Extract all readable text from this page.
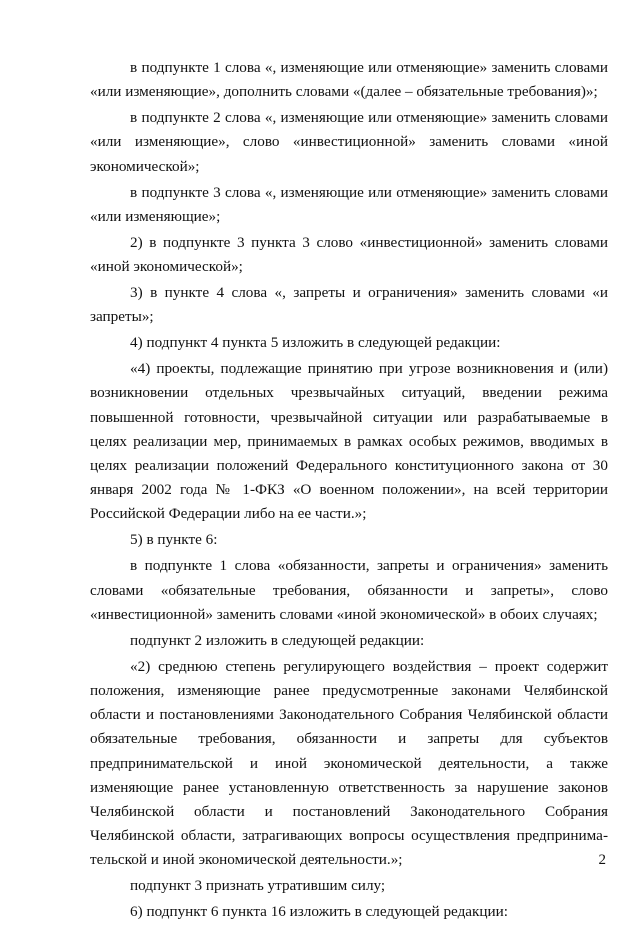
в подпункте 1 слова «, изменяющие или отменяющие» заменить словами «или изменяющие», дополнить словами «(далее – обязательные требования)»;

в подпункте 2 слова «, изменяющие или отменяющие» заменить словами «или изменяющие», слово «инвестиционной» заменить словами «иной экономической»;

в подпункте 3 слова «, изменяющие или отменяющие» заменить словами «или изменяющие»;

2) в подпункте 3 пункта 3 слово «инвестиционной» заменить словами «иной экономической»;

3) в пункте 4 слова «, запреты и ограничения» заменить словами «и запреты»;

4) подпункт 4 пункта 5 изложить в следующей редакции:

«4) проекты, подлежащие принятию при угрозе возникновения и (или) возникновении отдельных чрезвычайных ситуаций, введении режима повышенной готовности, чрезвычайной ситуации или разрабатываемые в целях реализации мер, принимаемых в рамках особых режимов, вводимых в целях реализации положений Федерального конституционного закона от 30 января 2002 года № 1-ФКЗ «О военном положении», на всей территории Российской Федерации либо на ее части.»;

5) в пункте 6:

в подпункте 1 слова «обязанности, запреты и ограничения» заменить словами «обязательные требования, обязанности и запреты», слово «инвестиционной» заменить словами «иной экономической» в обоих случаях;

подпункт 2 изложить в следующей редакции:

«2) среднюю степень регулирующего воздействия – проект содержит положения, изменяющие ранее предусмотренные законами Челябинской области и постановлениями Законодательного Собрания Челябинской области обязательные требования, обязанности и запреты для субъектов предпринимательской и иной экономической деятельности, а также изменяющие ранее установленную ответственность за нарушение законов Челябинской области и постановлений Законодательного Собрания Челябинской области, затрагивающих вопросы осуществления предпринимательской и иной экономической деятельности.»;

подпункт 3 признать утратившим силу;

6) подпункт 6 пункта 16 изложить в следующей редакции:

2
